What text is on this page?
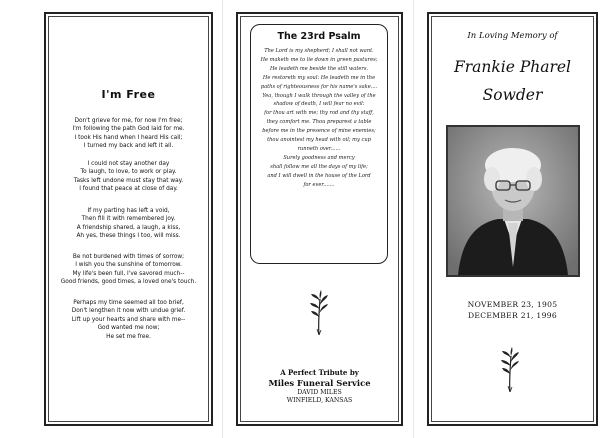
I'm Free
Don't grieve for me, for now I'm free;
I'm following the path God laid for me.
I took His hand when I heard His call;
I turned my back and left it all.
I could not stay another day
To laugh, to love, to work or play.
Tasks left undone must stay that way.
I found that peace at close of day.
If my parting has left a void,
Then fill it with remembered joy.
A friendship shared, a laugh, a kiss,
Ah yes, these things I too, will miss.
Be not burdened with times of sorrow;
I wish you the sunshine of tomorrow.
My life's been full, I've savored much--
Good friends, good times, a loved one's touch.
Perhaps my time seemed all too brief,
Don't lengthen it now with undue grief.
Lift up your hearts and share with me--
God wanted me now;
He set me free.
The 23rd Psalm
The Lord is my shepherd; I shall not want.
He maketh me to lie down in green pastures;
He leadeth me beside the still waters.
He restoreth my soul: He leadeth me in the
paths of righteousness for his name's sake....
Yea, though I walk through the valley of the
shadow of death, I will fear no evil:
for thou art with me; thy rod and thy staff,
they comfort me. Thou preparest a table
before me in the presence of mine enemies;
thou anointest my head with oil; my cup
runneth over......
Surely goodness and mercy
shall follow me all the days of my life;
and I will dwell in the house of the Lord
for ever.......
A Perfect Tribute by
Miles Funeral Service
DAVID MILES
WINFIELD, KANSAS
In Loving Memory of
Frankie Pharel
Sowder
NOVEMBER 23, 1905
DECEMBER 21, 1996
